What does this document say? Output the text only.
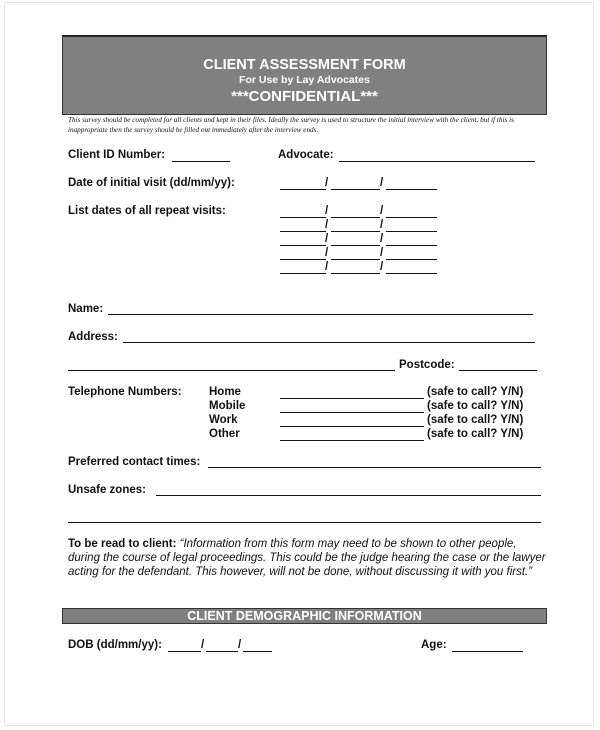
CLIENT ASSESSMENT FORM
For Use by Lay Advocates
***CONFIDENTIAL***
This survey should be completed for all clients and kept in their files. Ideally the survey is used to structure the initial interview with the client, but if this is inappropriate then the survey should be filled out immediately after the interview ends.
Client ID Number:	Advocate:
Date of initial visit (dd/mm/yy):	/	/
List dates of all repeat visits:	/	/
/	/
/	/
/	/
/	/
Name:
Address:
Postcode:
Telephone Numbers: Home	(safe to call? Y/N)
Mobile	(safe to call? Y/N)
Work	(safe to call? Y/N)
Other	(safe to call? Y/N)
Preferred contact times:
Unsafe zones:
To be read to client: “Information from this form may need to be shown to other people, during the course of legal proceedings. This could be the judge hearing the case or the lawyer acting for the defendant. This however, will not be done, without discussing it with you first.”
CLIENT DEMOGRAPHIC INFORMATION
DOB (dd/mm/yy):	/	/	Age:
